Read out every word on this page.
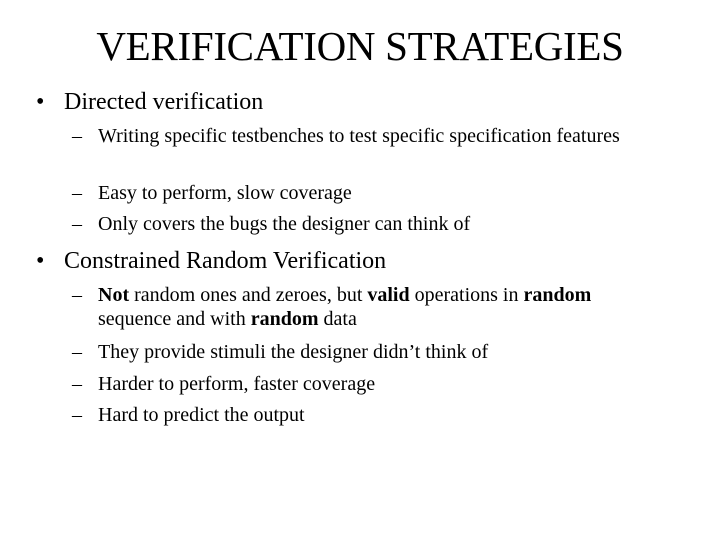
VERIFICATION STRATEGIES
• Directed verification
– Writing specific testbenches to test specific specification features
– Easy to perform, slow coverage
– Only covers the bugs the designer can think of
• Constrained Random Verification
– Not random ones and zeroes, but valid operations in random sequence and with random data
– They provide stimuli the designer didn’t think of
– Harder to perform, faster coverage
– Hard to predict the output
